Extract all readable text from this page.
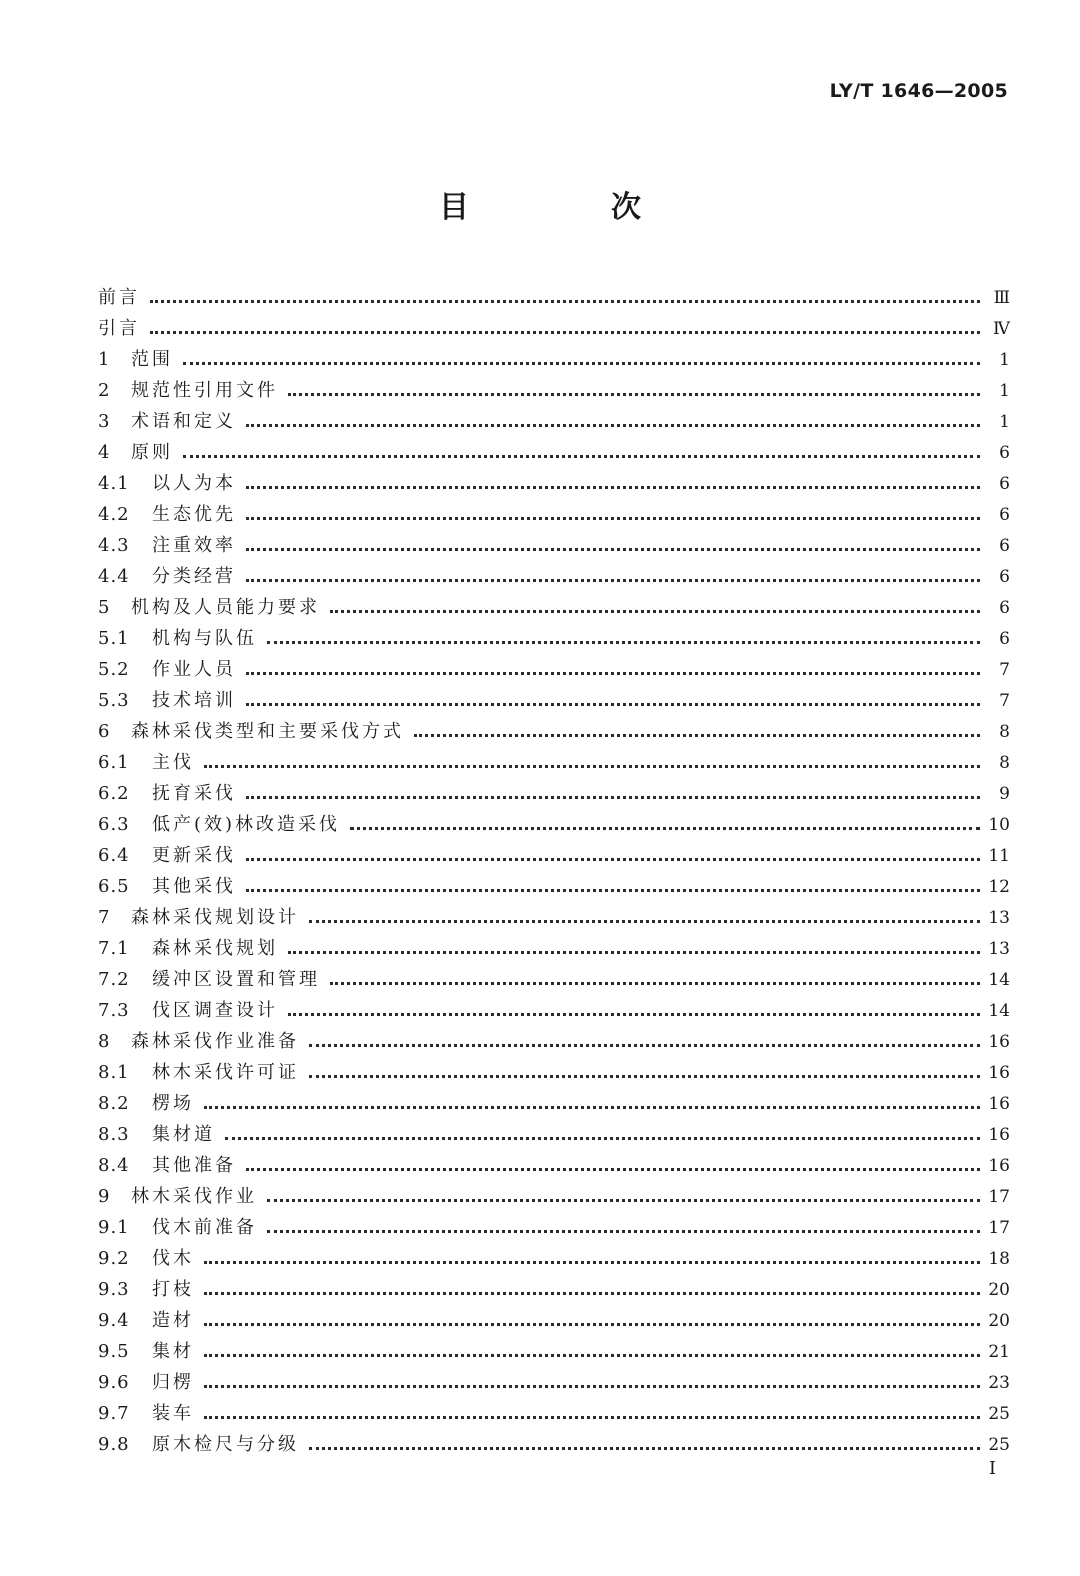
LY/T 1646—2005
目　次
前言	Ⅲ
引言	Ⅳ
1	范围	1
2	规范性引用文件	1
3	术语和定义	1
4	原则	6
4.1	以人为本	6
4.2	生态优先	6
4.3	注重效率	6
4.4	分类经营	6
5	机构及人员能力要求	6
5.1	机构与队伍	6
5.2	作业人员	7
5.3	技术培训	7
6	森林采伐类型和主要采伐方式	8
6.1	主伐	8
6.2	抚育采伐	9
6.3	低产(效)林改造采伐	10
6.4	更新采伐	11
6.5	其他采伐	12
7	森林采伐规划设计	13
7.1	森林采伐规划	13
7.2	缓冲区设置和管理	14
7.3	伐区调查设计	14
8	森林采伐作业准备	16
8.1	林木采伐许可证	16
8.2	楞场	16
8.3	集材道	16
8.4	其他准备	16
9	林木采伐作业	17
9.1	伐木前准备	17
9.2	伐木	18
9.3	打枝	20
9.4	造材	20
9.5	集材	21
9.6	归楞	23
9.7	装车	25
9.8	原木检尺与分级	25
Ⅰ
